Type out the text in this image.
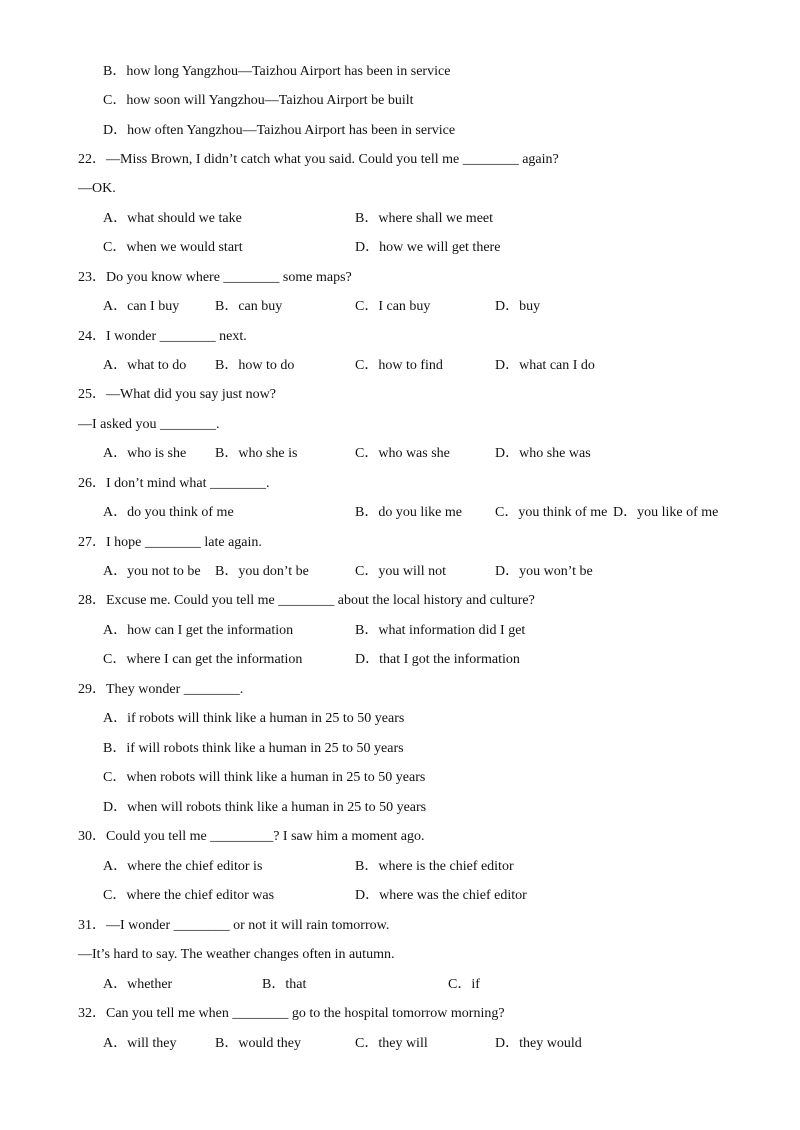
B．how long Yangzhou—Taizhou Airport has been in service
C．how soon will Yangzhou—Taizhou Airport be built
D．how often Yangzhou—Taizhou Airport has been in service
22．—Miss Brown, I didn’t catch what you said. Could you tell me ________ again?
—OK.
A．what should we take	B．where shall we meet
C．when we would start	D．how we will get there
23．Do you know where ________ some maps?
A．can I buy	B．can buy	C．I can buy	D．buy
24．I wonder ________ next.
A．what to do B．how to do	C．how to find	D．what can I do
25．—What did you say just now?
—I asked you ________.
A．who is she B．who she is	C．who was she	D．who she was
26．I don’t mind what ________.
A．do you think of me	B．do you like me C．you think of me D．you like of me
27．I hope ________ late again.
A．you not to be B．you don’t be	C．you will not	D．you won’t be
28．Excuse me. Could you tell me ________ about the local history and culture?
A．how can I get the information	B．what information did I get
C．where I can get the information	D．that I got the information
29．They wonder ________.
A．if robots will think like a human in 25 to 50 years
B．if will robots think like a human in 25 to 50 years
C．when robots will think like a human in 25 to 50 years
D．when will robots think like a human in 25 to 50 years
30．Could you tell me _________? I saw him a moment ago.
A．where the chief editor is	B．where is the chief editor
C．where the chief editor was	D．where was the chief editor
31．—I wonder ________ or not it will rain tomorrow.
—It’s hard to say. The weather changes often in autumn.
A．whether	B．that	C．if
32．Can you tell me when ________ go to the hospital tomorrow morning?
A．will they	B．would they	C．they will	D．they would
